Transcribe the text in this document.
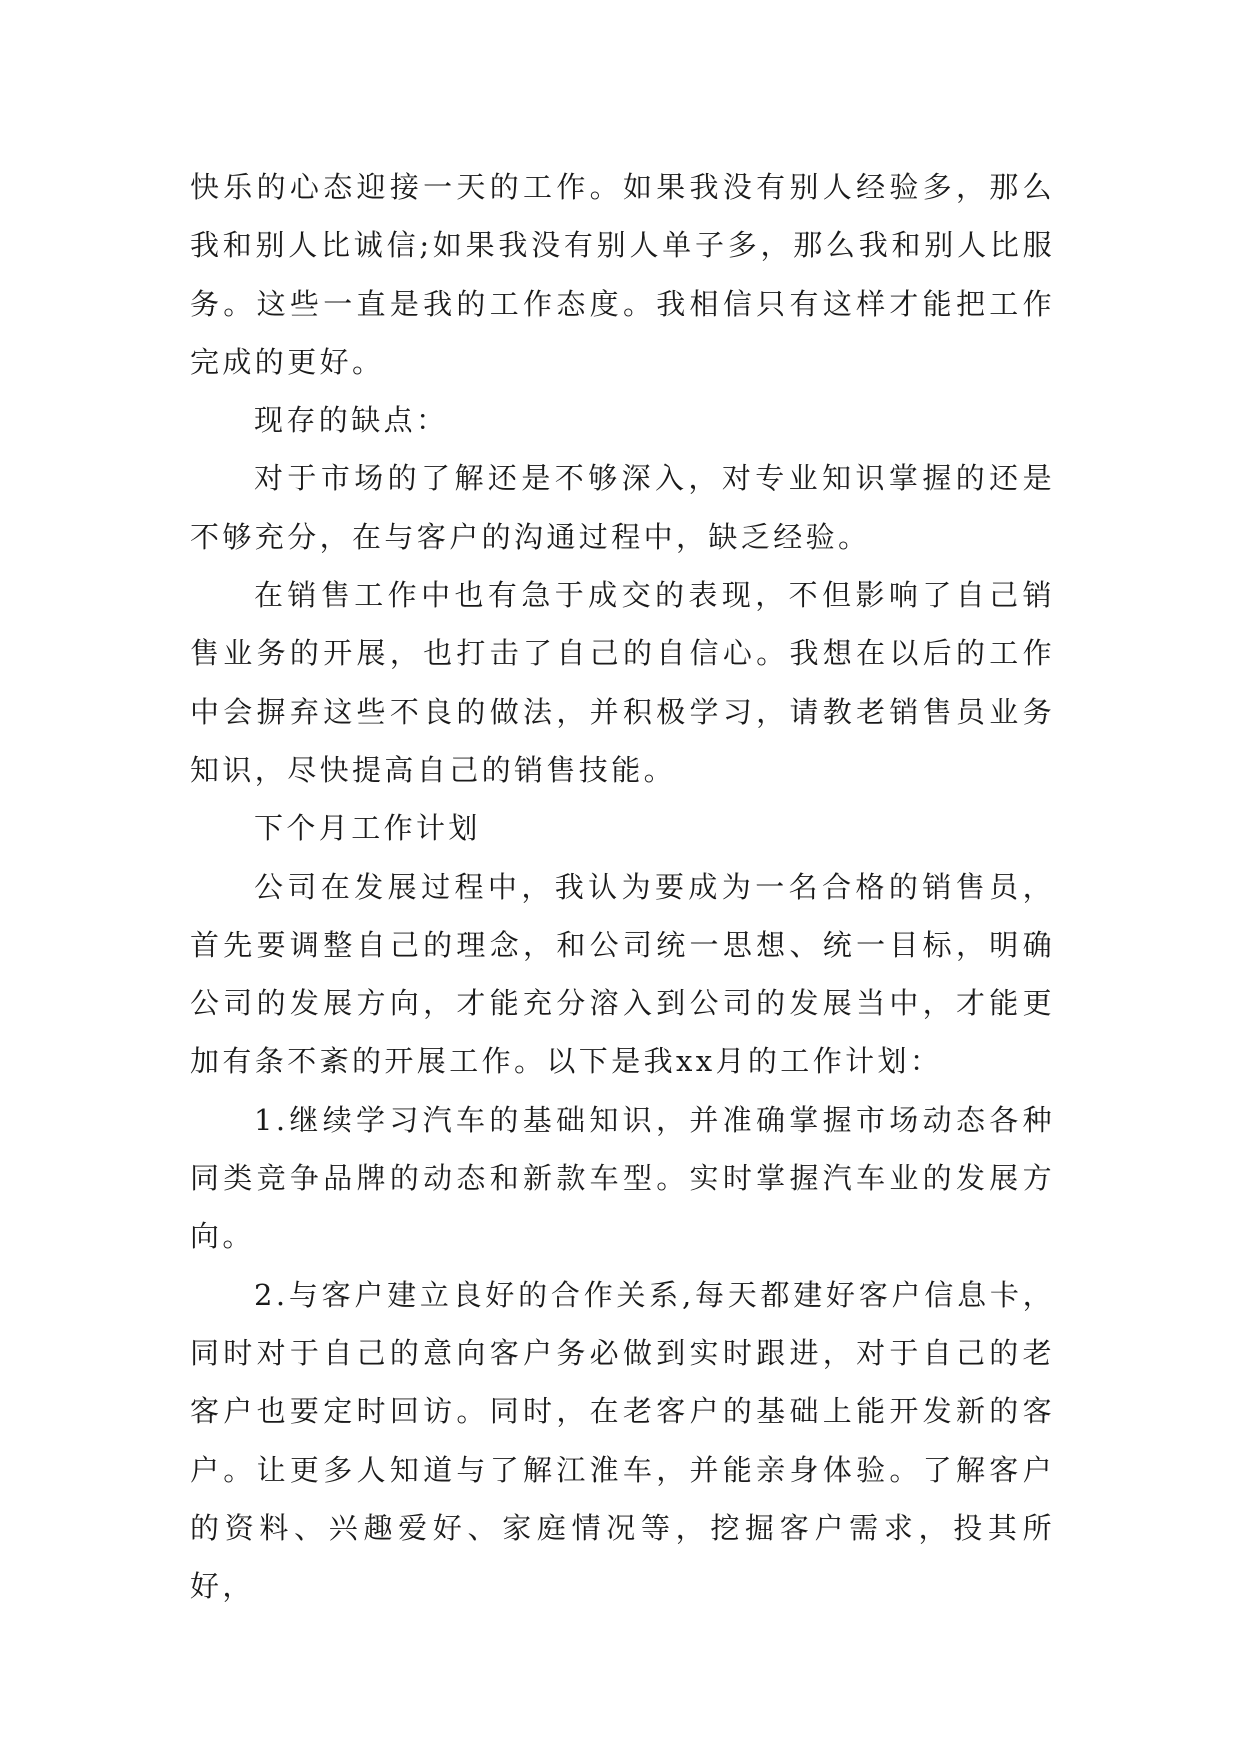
快乐的心态迎接一天的工作。如果我没有别人经验多，那么我和别人比诚信;如果我没有别人单子多，那么我和别人比服务。这些一直是我的工作态度。我相信只有这样才能把工作完成的更好。

现存的缺点：

对于市场的了解还是不够深入，对专业知识掌握的还是不够充分，在与客户的沟通过程中，缺乏经验。

在销售工作中也有急于成交的表现，不但影响了自己销售业务的开展，也打击了自己的自信心。我想在以后的工作中会摒弃这些不良的做法，并积极学习，请教老销售员业务知识，尽快提高自己的销售技能。

下个月工作计划

公司在发展过程中，我认为要成为一名合格的销售员，首先要调整自己的理念，和公司统一思想、统一目标，明确公司的发展方向，才能充分溶入到公司的发展当中，才能更加有条不紊的开展工作。以下是我xx月的工作计划：

1.继续学习汽车的基础知识，并准确掌握市场动态各种同类竞争品牌的动态和新款车型。实时掌握汽车业的发展方向。

2.与客户建立良好的合作关系,每天都建好客户信息卡，同时对于自己的意向客户务必做到实时跟进，对于自己的老客户也要定时回访。同时，在老客户的基础上能开发新的客户。让更多人知道与了解江淮车，并能亲身体验。了解客户的资料、兴趣爱好、家庭情况等，挖掘客户需求，投其所好，
